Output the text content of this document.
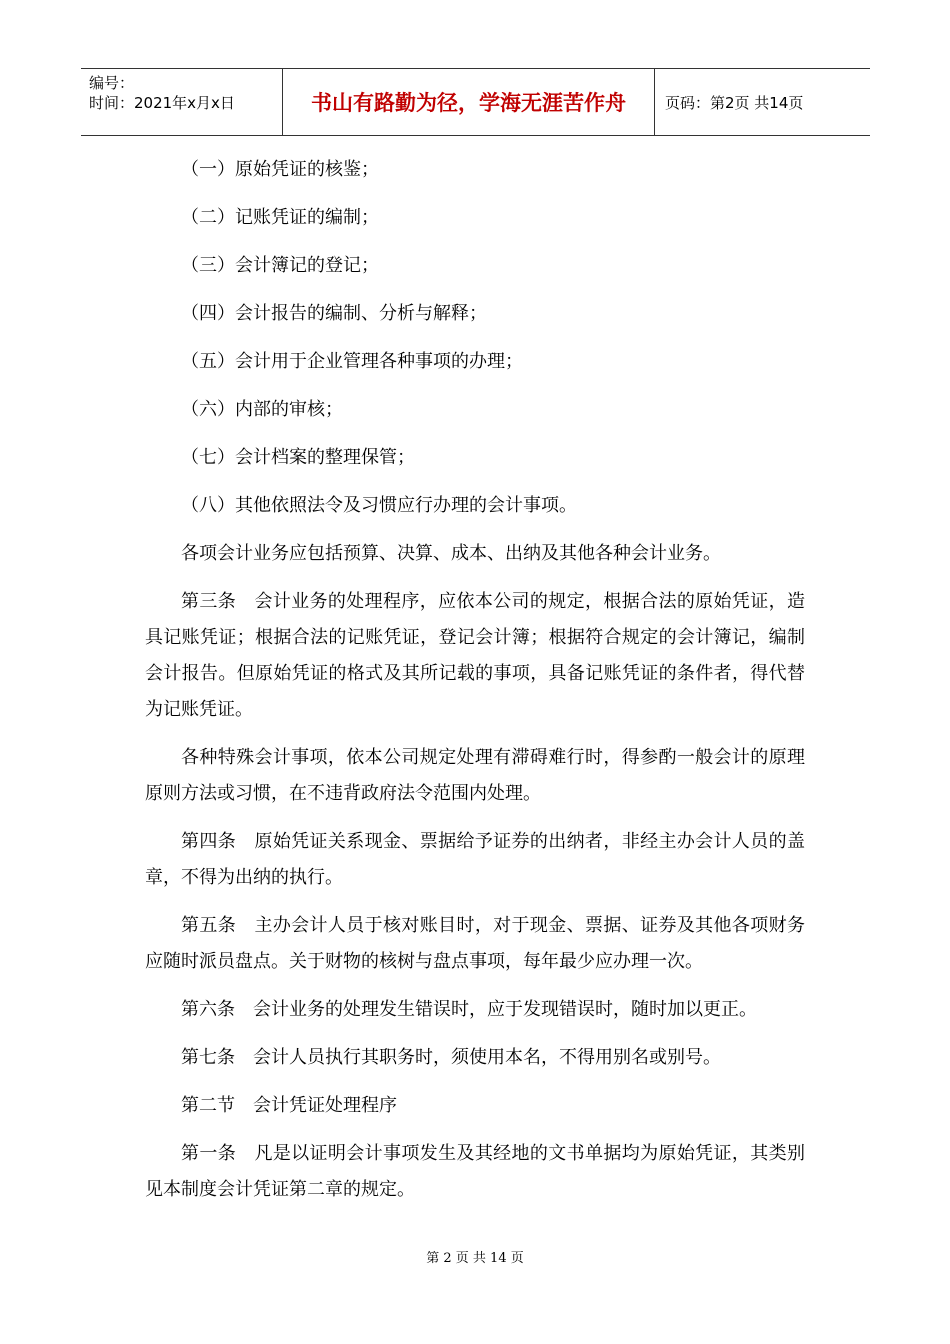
编号：
时间：2021年x月x日	书山有路勤为径，学海无涯苦作舟	页码：第2页 共14页

（一）原始凭证的核鉴；

（二）记账凭证的编制；

（三）会计簿记的登记；

（四）会计报告的编制、分析与解释；

（五）会计用于企业管理各种事项的办理；

（六）内部的审核；

（七）会计档案的整理保管；

（八）其他依照法令及习惯应行办理的会计事项。

各项会计业务应包括预算、决算、成本、出纳及其他各种会计业务。

第三条　会计业务的处理程序，应依本公司的规定，根据合法的原始凭证，造具记账凭证；根据合法的记账凭证，登记会计簿；根据符合规定的会计簿记，编制会计报告。但原始凭证的格式及其所记载的事项，具备记账凭证的条件者，得代替为记账凭证。

各种特殊会计事项，依本公司规定处理有滞碍难行时，得参酌一般会计的原理原则方法或习惯，在不违背政府法令范围内处理。

第四条　原始凭证关系现金、票据给予证券的出纳者，非经主办会计人员的盖章，不得为出纳的执行。

第五条　主办会计人员于核对账目时，对于现金、票据、证券及其他各项财务应随时派员盘点。关于财物的核树与盘点事项，每年最少应办理一次。

第六条　会计业务的处理发生错误时，应于发现错误时，随时加以更正。

第七条　会计人员执行其职务时，须使用本名，不得用别名或别号。

第二节　会计凭证处理程序

第一条　凡是以证明会计事项发生及其经地的文书单据均为原始凭证，其类别见本制度会计凭证第二章的规定。

第 2 页 共 14 页
